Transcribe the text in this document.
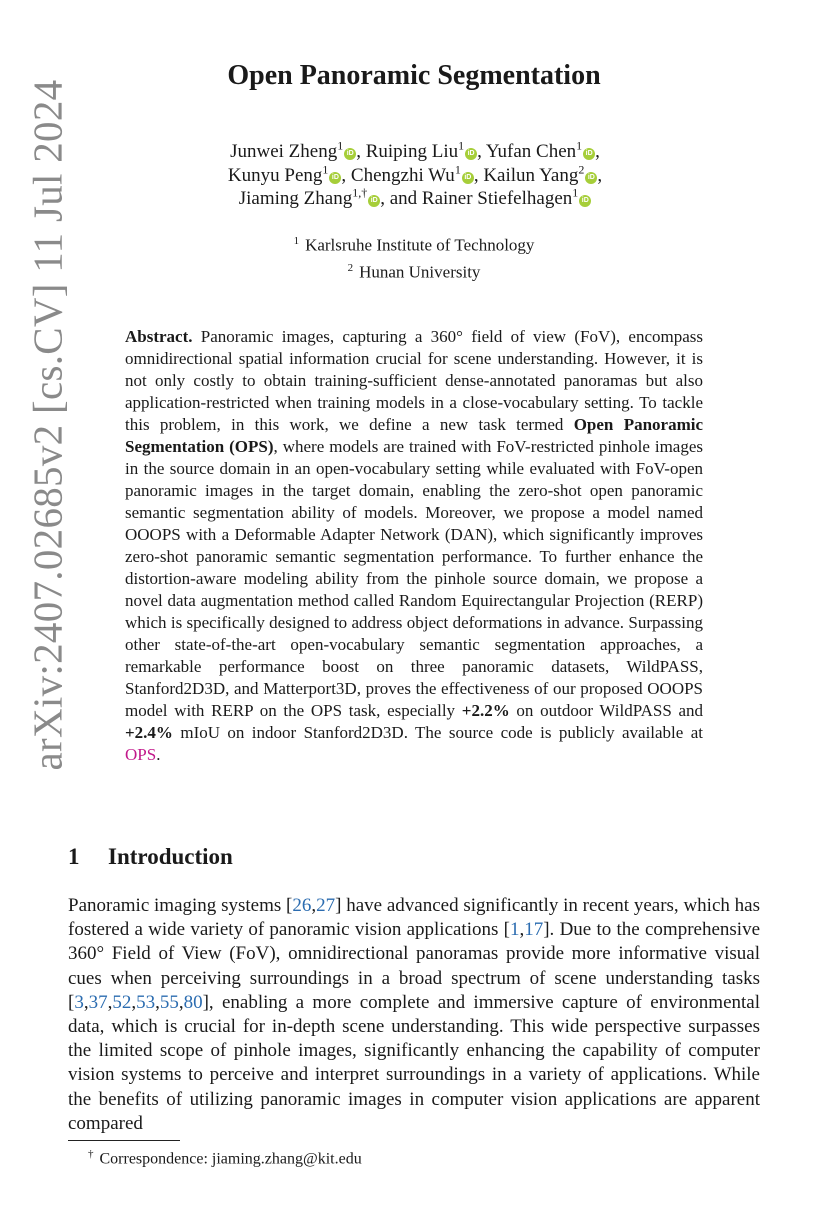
arXiv:2407.02685v2 [cs.CV] 11 Jul 2024
Open Panoramic Segmentation
Junwei Zheng$^1$iD , Ruiping Liu$^1$iD , Yufan Chen$^1$iD ,
Kunyu Peng$^1$iD , Chengzhi Wu$^1$iD , Kailun Yang$^2$iD ,
Jiaming Zhang$^{1,\dagger}$iD , and Rainer Stiefelhagen$^1$iD
$^1$ Karlsruhe Institute of Technology
$^2$ Hunan University
Abstract. Panoramic images, capturing a 360° field of view (FoV), encompass omnidirectional spatial information crucial for scene understanding. However, it is not only costly to obtain training-sufficient dense-annotated panoramas but also application-restricted when training models in a close-vocabulary setting. To tackle this problem, in this work, we define a new task termed Open Panoramic Segmentation (OPS), where models are trained with FoV-restricted pinhole images in the source domain in an open-vocabulary setting while evaluated with FoV-open panoramic images in the target domain, enabling the zero-shot open panoramic semantic segmentation ability of models. Moreover, we propose a model named OOOPS with a Deformable Adapter Network (DAN), which significantly improves zero-shot panoramic semantic segmentation performance. To further enhance the distortion-aware modeling ability from the pinhole source domain, we propose a novel data augmentation method called Random Equirectangular Projection (RERP) which is specifically designed to address object deformations in advance. Surpassing other state-of-the-art open-vocabulary semantic segmentation approaches, a remarkable performance boost on three panoramic datasets, WildPASS, Stanford2D3D, and Matterport3D, proves the effectiveness of our proposed OOOPS model with RERP on the OPS task, especially +2.2% on outdoor WildPASS and +2.4% mIoU on indoor Stanford2D3D. The source code is publicly available at OPS.
1 Introduction
Panoramic imaging systems [26,27] have advanced significantly in recent years, which has fostered a wide variety of panoramic vision applications [1,17]. Due to the comprehensive 360° Field of View (FoV), omnidirectional panoramas provide more informative visual cues when perceiving surroundings in a broad spectrum of scene understanding tasks [3,37,52,53,55,80], enabling a more complete and immersive capture of environmental data, which is crucial for in-depth scene understanding. This wide perspective surpasses the limited scope of pinhole images, significantly enhancing the capability of computer vision systems to perceive and interpret surroundings in a variety of applications. While the benefits of utilizing panoramic images in computer vision applications are apparent compared
† Correspondence: jiaming.zhang@kit.edu
